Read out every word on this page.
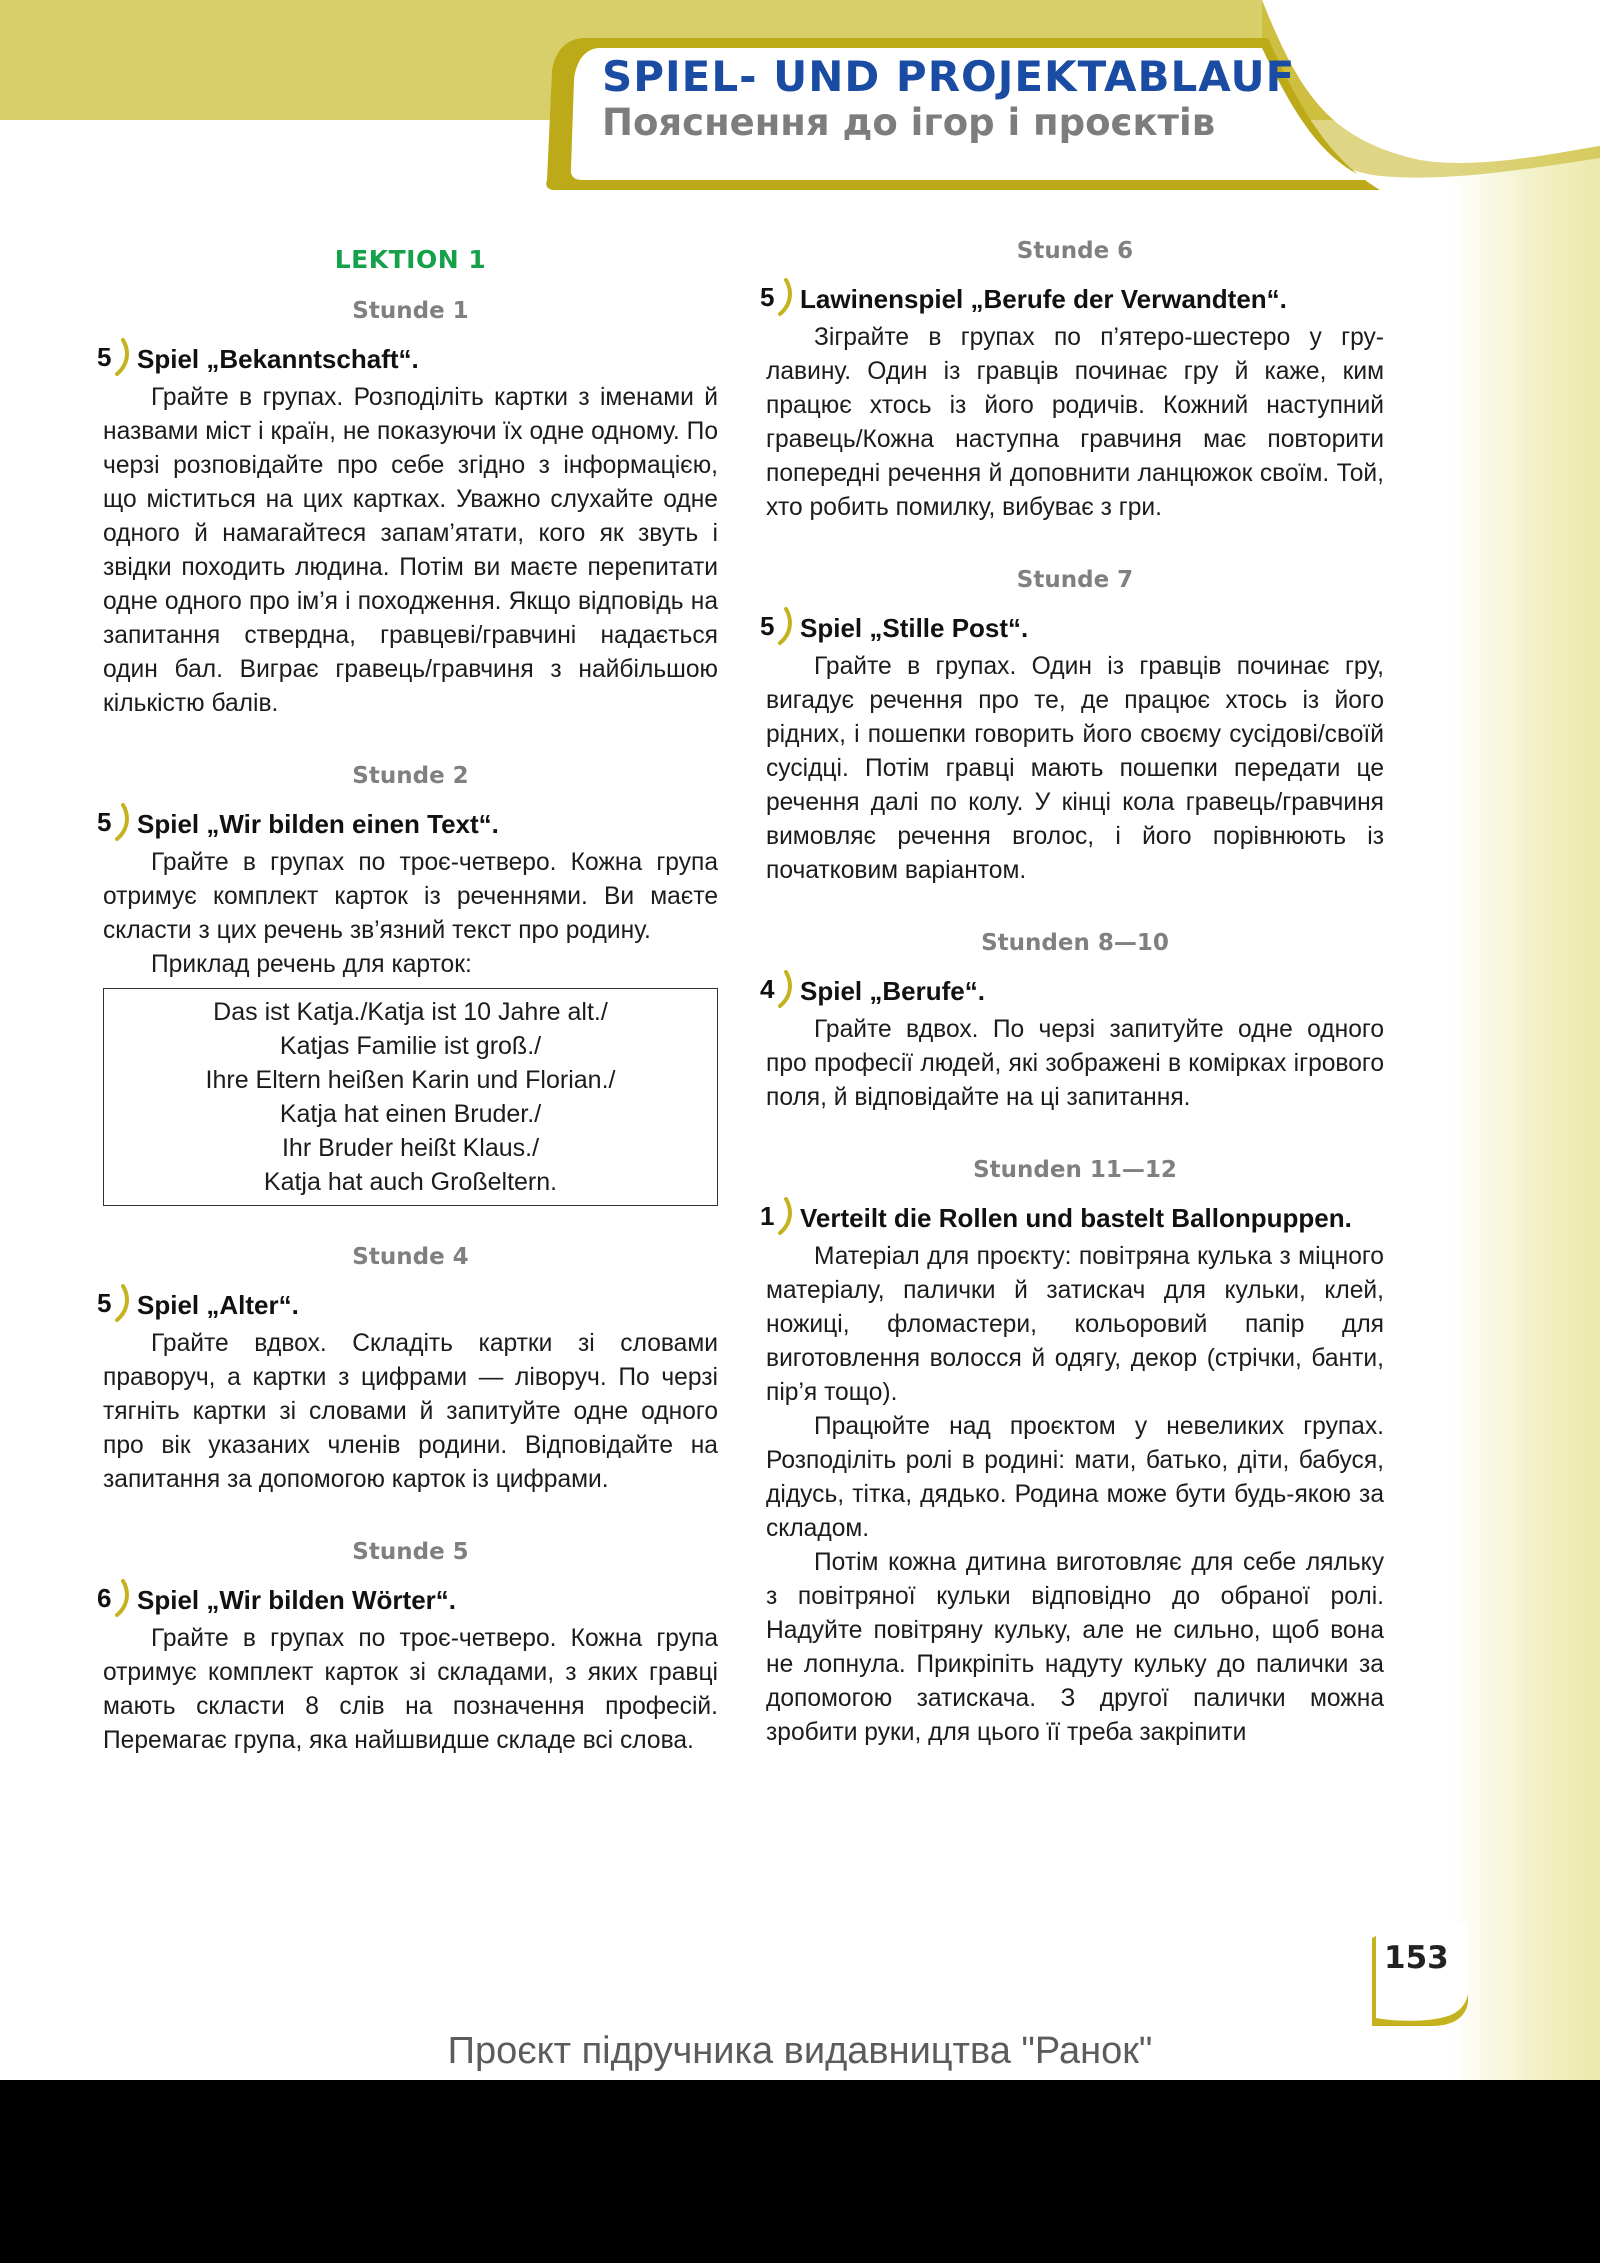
SPIEL- UND PROJEKTABLAUF
Пояснення до ігор і проєктів
LEKTION 1
Stunde 1
5 Spiel „Bekanntschaft“.

Грайте в групах. Розподіліть картки з іменами й назвами міст і країн, не показуючи їх одне одному. По черзі розповідайте про себе згідно з інформацією, що міститься на цих картках. Уважно слухайте одне одного й намагайтеся запам’ятати, кого як звуть і звідки походить людина. Потім ви маєте перепитати одне одного про ім’я і походження. Якщо відповідь на запитання ствердна, гравцеві/гравчині надається один бал. Виграє гравець/гравчиня з найбільшою кількістю балів.

Stunde 2
5 Spiel „Wir bilden einen Text“.

Грайте в групах по троє-четверо. Кожна група отримує комплект карток із реченнями. Ви маєте скласти з цих речень зв’язний текст про родину.

Приклад речень для карток:

Das ist Katja./Katja ist 10 Jahre alt./
Katjas Familie ist groß./
Ihre Eltern heißen Karin und Florian./
Katja hat einen Bruder./
Ihr Bruder heißt Klaus./
Katja hat auch Großeltern.
Stunde 4
5 Spiel „Alter“.

Грайте вдвох. Складіть картки зі словами праворуч, а картки з цифрами — ліворуч. По черзі тягніть картки зі словами й запитуйте одне одного про вік указаних членів родини. Відповідайте на запитання за допомогою карток із цифрами.

Stunde 5
6 Spiel „Wir bilden Wörter“.

Грайте в групах по троє-четверо. Кожна група отримує комплект карток зі складами, з яких гравці мають скласти 8 слів на позначення професій. Перемагає група, яка найшвидше складе всі слова.

Stunde 6
5 Lawinenspiel „Berufe der Verwandten“.

Зіграйте в групах по п’ятеро-шестеро у гру-лавину. Один із гравців починає гру й каже, ким працює хтось із його родичів. Кожний наступний гравець/Кожна наступна гравчиня має повторити попередні речення й доповнити ланцюжок своїм. Той, хто робить помилку, вибуває з гри.

Stunde 7
5 Spiel „Stille Post“.

Грайте в групах. Один із гравців починає гру, вигадує речення про те, де працює хтось із його рідних, і пошепки говорить його своєму сусідові/своїй сусідці. Потім гравці мають пошепки передати це речення далі по колу. У кінці кола гравець/гравчиня вимовляє речення вголос, і його порівнюють із початковим варіантом.

Stunden 8—10
4 Spiel „Berufe“.

Грайте вдвох. По черзі запитуйте одне одного про професії людей, які зображені в комірках ігрового поля, й відповідайте на ці запитання.

Stunden 11—12
1 Verteilt die Rollen und bastelt Ballonpuppen.

Матеріал для проєкту: повітряна кулька з міцного матеріалу, палички й затискач для кульки, клей, ножиці, фломастери, кольоровий папір для виготовлення волосся й одягу, декор (стрічки, банти, пір’я тощо).

Працюйте над проєктом у невеликих групах. Розподіліть ролі в родині: мати, батько, діти, бабуся, дідусь, тітка, дядько. Родина може бути будь-якою за складом.

Потім кожна дитина виготовляє для себе ляльку з повітряної кульки відповідно до обраної ролі. Надуйте повітряну кульку, але не сильно, щоб вона не лопнула. Прикріпіть надуту кульку до палички за допомогою затискача. З другої палички можна зробити руки, для цього її треба закріпити

153
Проєкт підручника видавництва "Ранок"
